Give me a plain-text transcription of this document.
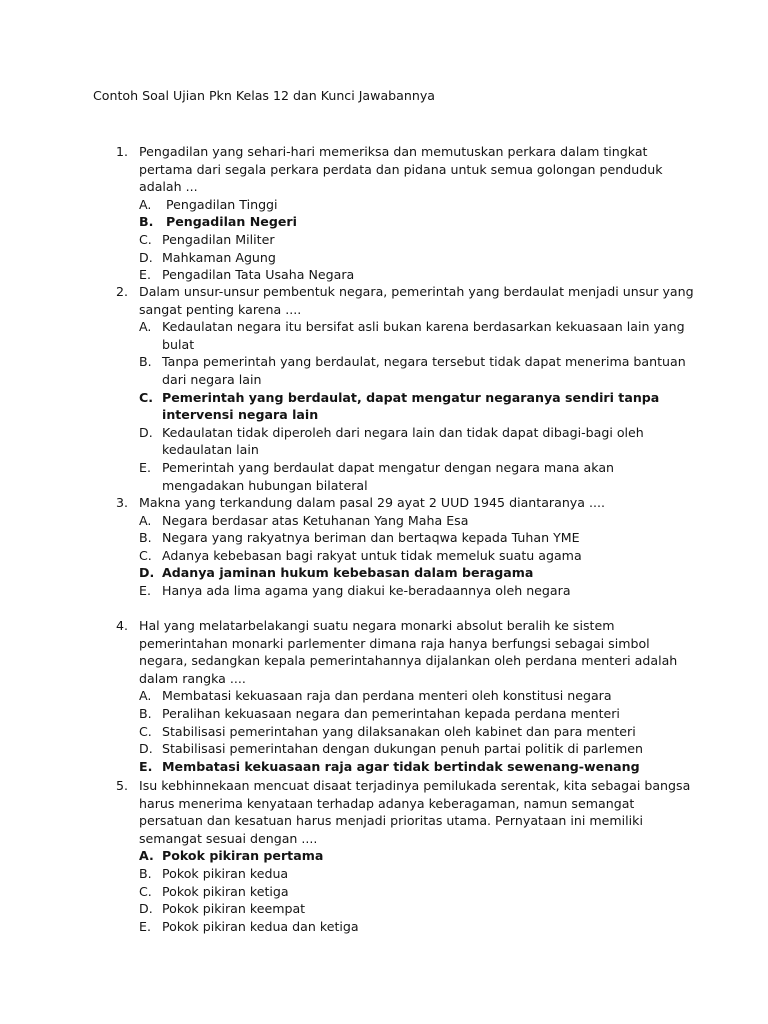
Contoh Soal Ujian Pkn Kelas 12 dan Kunci Jawabannya
1. Pengadilan yang sehari-hari memeriksa dan memutuskan perkara dalam tingkat pertama dari segala perkara perdata dan pidana untuk semua golongan penduduk adalah ...
A.	Pengadilan Tinggi
B.	Pengadilan Negeri
C. Pengadilan Militer
D. Mahkaman Agung
E. Pengadilan Tata Usaha Negara
2. Dalam unsur-unsur pembentuk negara, pemerintah yang berdaulat menjadi unsur yang sangat penting karena ....
A. Kedaulatan negara itu bersifat asli bukan karena berdasarkan kekuasaan lain yang bulat
B. Tanpa pemerintah yang berdaulat, negara tersebut tidak dapat menerima bantuan dari negara lain
C. Pemerintah yang berdaulat, dapat mengatur negaranya sendiri tanpa intervensi negara lain
D. Kedaulatan tidak diperoleh dari negara lain dan tidak dapat dibagi-bagi oleh kedaulatan lain
E. Pemerintah yang berdaulat dapat mengatur dengan negara mana akan mengadakan hubungan bilateral
3. Makna yang terkandung dalam pasal 29 ayat 2 UUD 1945 diantaranya ....
A. Negara berdasar atas Ketuhanan Yang Maha Esa
B. Negara yang rakyatnya beriman dan bertaqwa kepada Tuhan YME
C. Adanya kebebasan bagi rakyat untuk tidak memeluk suatu agama
D. Adanya jaminan hukum kebebasan dalam beragama
E. Hanya ada lima agama yang diakui ke-beradaannya oleh negara
4. Hal yang melatarbelakangi suatu negara monarki absolut beralih ke sistem pemerintahan monarki parlementer dimana raja hanya berfungsi sebagai simbol negara, sedangkan kepala pemerintahannya dijalankan oleh perdana menteri adalah dalam rangka ....
A. Membatasi kekuasaan raja dan perdana menteri oleh konstitusi negara
B. Peralihan kekuasaan negara dan pemerintahan kepada perdana menteri
C. Stabilisasi pemerintahan yang dilaksanakan oleh kabinet dan para menteri
D. Stabilisasi pemerintahan dengan dukungan penuh partai politik di parlemen
E. Membatasi kekuasaan raja agar tidak bertindak sewenang-wenang
5. Isu kebhinnekaan mencuat disaat terjadinya pemilukada serentak, kita sebagai bangsa harus menerima kenyataan terhadap adanya keberagaman, namun semangat persatuan dan kesatuan harus menjadi prioritas utama. Pernyataan ini memiliki semangat sesuai dengan ....
A. Pokok pikiran pertama
B. Pokok pikiran kedua
C. Pokok pikiran ketiga
D. Pokok pikiran keempat
E. Pokok pikiran kedua dan ketiga
